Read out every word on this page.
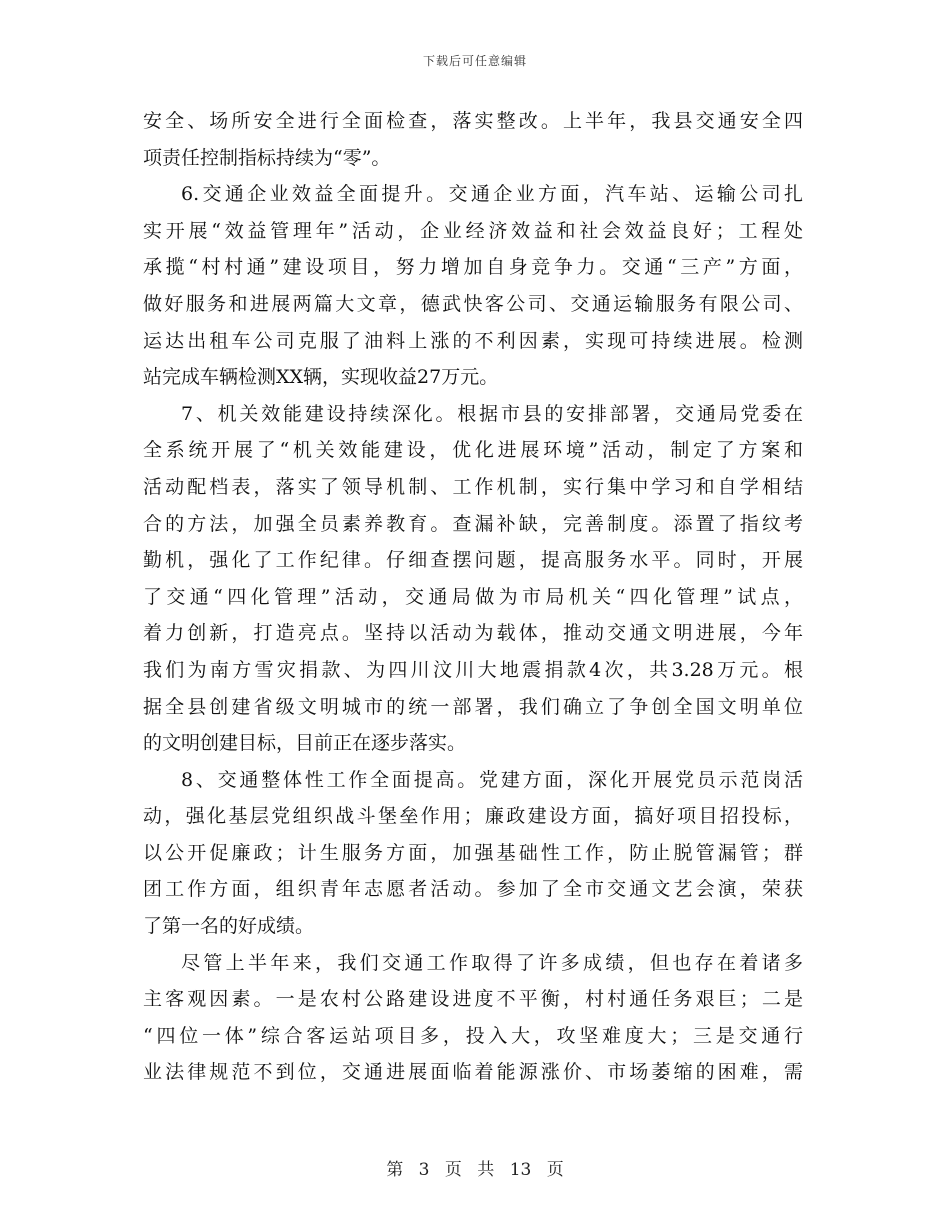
下载后可任意编辑
安全、场所安全进行全面检查，落实整改。上半年，我县交通安全四
项责任控制指标持续为“零”。
6.交通企业效益全面提升。交通企业方面，汽车站、运输公司扎
实开展“效益管理年”活动，企业经济效益和社会效益良好；工程处
承揽“村村通”建设项目，努力增加自身竞争力。交通“三产”方面，
做好服务和进展两篇大文章，德武快客公司、交通运输服务有限公司、
运达出租车公司克服了油料上涨的不利因素，实现可持续进展。检测
站完成车辆检测XX辆，实现收益27万元。
7、机关效能建设持续深化。根据市县的安排部署，交通局党委在
全系统开展了“机关效能建设，优化进展环境”活动，制定了方案和
活动配档表，落实了领导机制、工作机制，实行集中学习和自学相结
合的方法，加强全员素养教育。查漏补缺，完善制度。添置了指纹考
勤机，强化了工作纪律。仔细查摆问题，提高服务水平。同时，开展
了交通“四化管理”活动，交通局做为市局机关“四化管理”试点，
着力创新，打造亮点。坚持以活动为载体，推动交通文明进展，今年
我们为南方雪灾捐款、为四川汶川大地震捐款4次，共3.28万元。根
据全县创建省级文明城市的统一部署，我们确立了争创全国文明单位
的文明创建目标，目前正在逐步落实。
8、交通整体性工作全面提高。党建方面，深化开展党员示范岗活
动，强化基层党组织战斗堡垒作用；廉政建设方面，搞好项目招投标，
以公开促廉政；计生服务方面，加强基础性工作，防止脱管漏管；群
团工作方面，组织青年志愿者活动。参加了全市交通文艺会演，荣获
了第一名的好成绩。
尽管上半年来，我们交通工作取得了许多成绩，但也存在着诸多
主客观因素。一是农村公路建设进度不平衡，村村通任务艰巨；二是
“四位一体”综合客运站项目多，投入大，攻坚难度大；三是交通行
业法律规范不到位，交通进展面临着能源涨价、市场萎缩的困难，需
第 3 页 共 13 页
